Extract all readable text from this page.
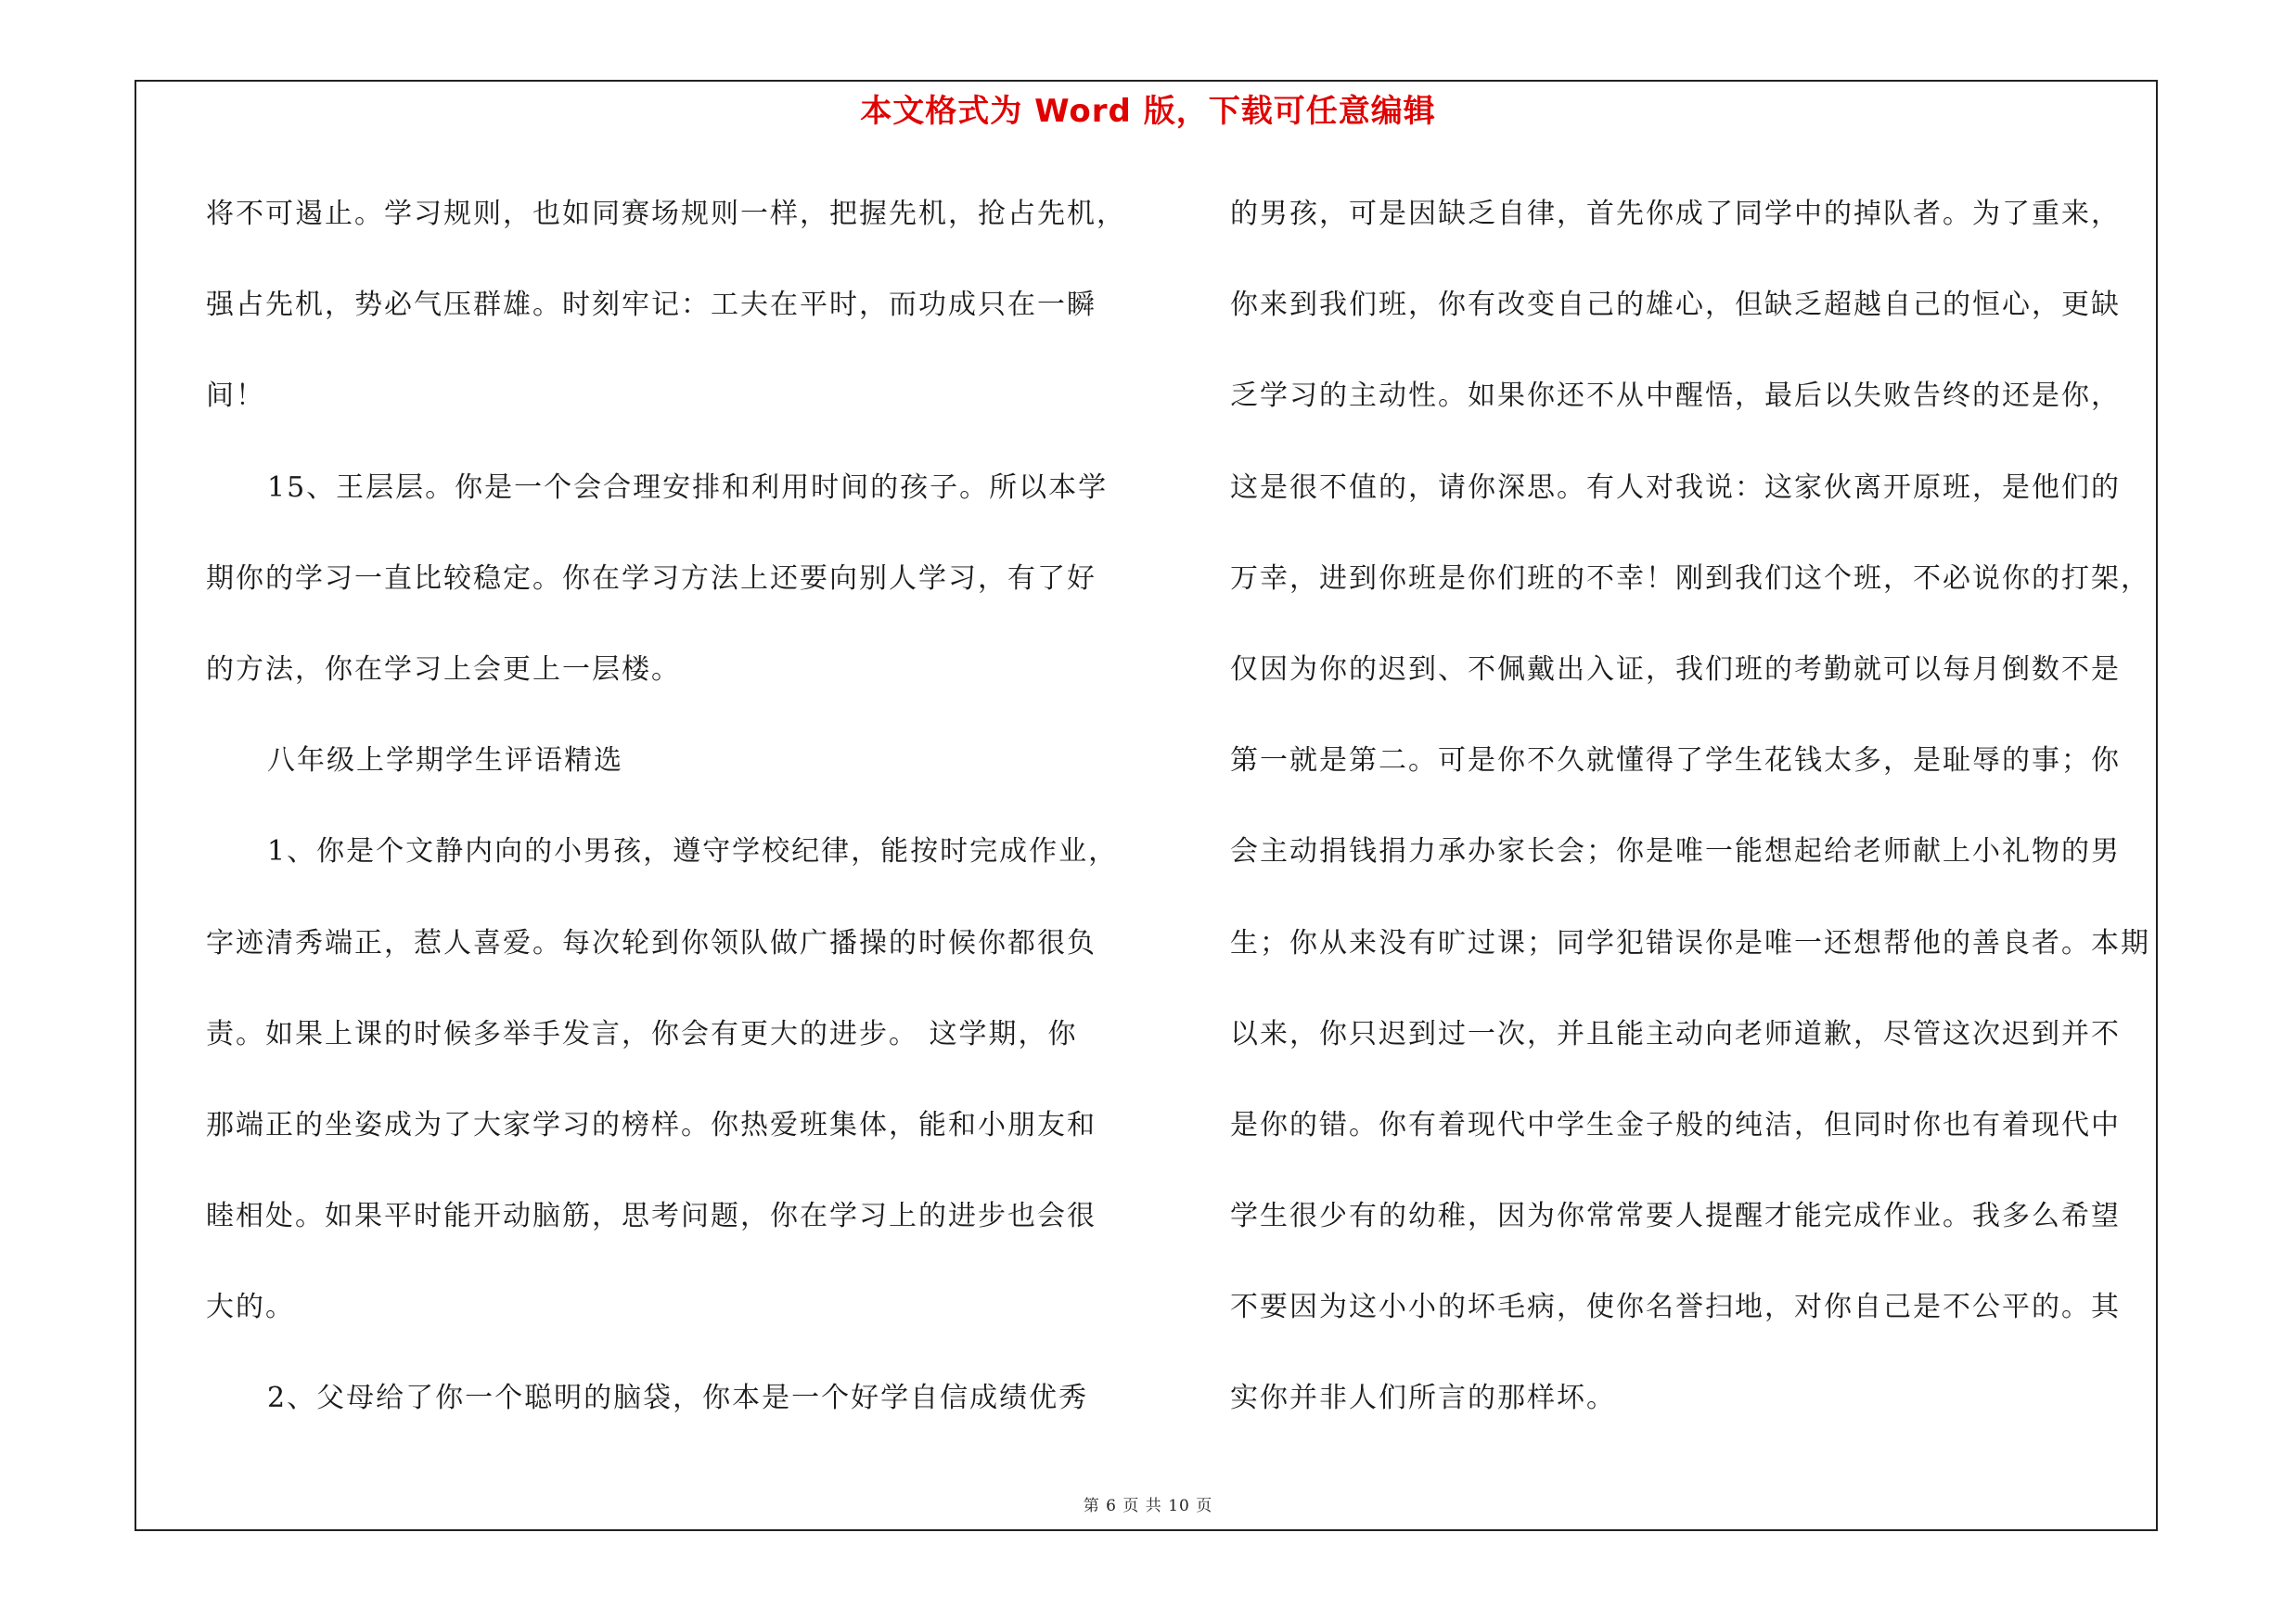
本文格式为 Word 版，下载可任意编辑
将不可遏止。学习规则，也如同赛场规则一样，把握先机，抢占先机，
强占先机，势必气压群雄。时刻牢记：工夫在平时，而功成只在一瞬
间！
15、王层层。你是一个会合理安排和利用时间的孩子。所以本学
期你的学习一直比较稳定。你在学习方法上还要向别人学习，有了好
的方法，你在学习上会更上一层楼。
八年级上学期学生评语精选
1、你是个文静内向的小男孩，遵守学校纪律，能按时完成作业，
字迹清秀端正，惹人喜爱。每次轮到你领队做广播操的时候你都很负
责。如果上课的时候多举手发言，你会有更大的进步。 这学期，你
那端正的坐姿成为了大家学习的榜样。你热爱班集体，能和小朋友和
睦相处。如果平时能开动脑筋，思考问题，你在学习上的进步也会很
大的。
2、父母给了你一个聪明的脑袋，你本是一个好学自信成绩优秀
的男孩，可是因缺乏自律，首先你成了同学中的掉队者。为了重来，
你来到我们班，你有改变自己的雄心，但缺乏超越自己的恒心，更缺
乏学习的主动性。如果你还不从中醒悟，最后以失败告终的还是你，
这是很不值的，请你深思。有人对我说：这家伙离开原班，是他们的
万幸，进到你班是你们班的不幸！刚到我们这个班，不必说你的打架，
仅因为你的迟到、不佩戴出入证，我们班的考勤就可以每月倒数不是
第一就是第二。可是你不久就懂得了学生花钱太多，是耻辱的事；你
会主动捐钱捐力承办家长会；你是唯一能想起给老师献上小礼物的男
生；你从来没有旷过课；同学犯错误你是唯一还想帮他的善良者。本期
以来，你只迟到过一次，并且能主动向老师道歉，尽管这次迟到并不
是你的错。你有着现代中学生金子般的纯洁，但同时你也有着现代中
学生很少有的幼稚，因为你常常要人提醒才能完成作业。我多么希望
不要因为这小小的坏毛病，使你名誉扫地，对你自己是不公平的。其
实你并非人们所言的那样坏。
第 6 页 共 10 页
